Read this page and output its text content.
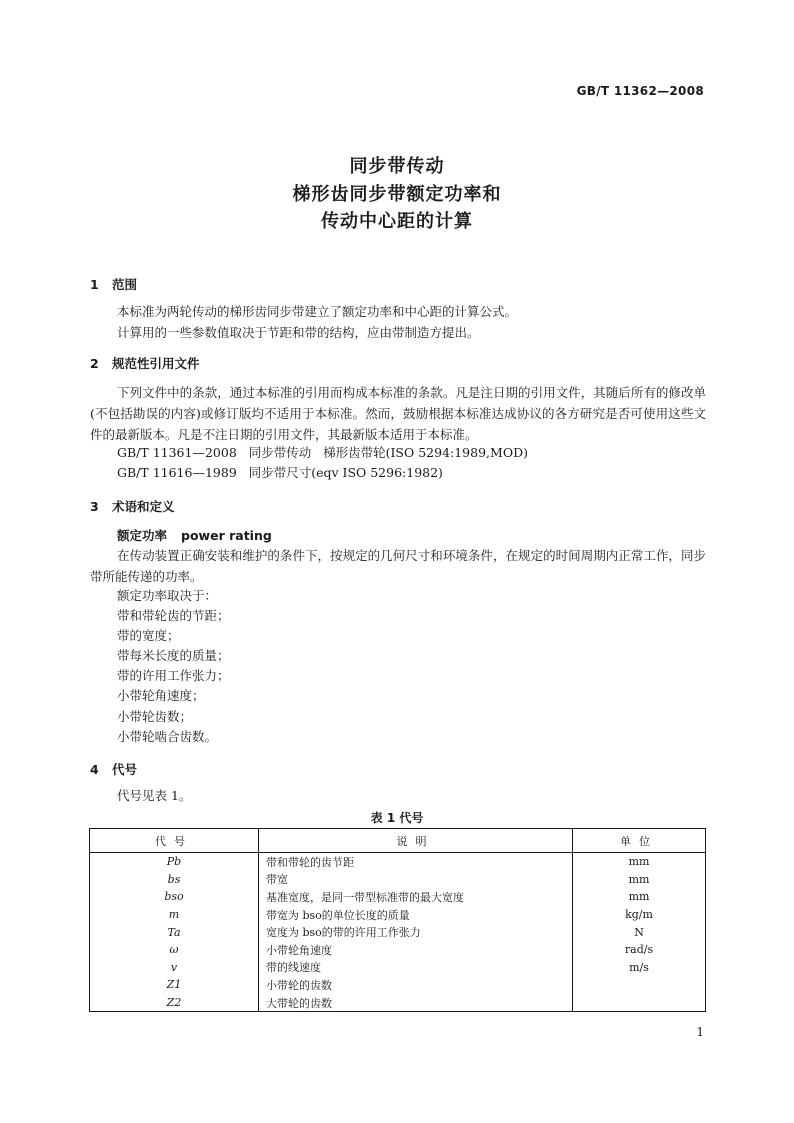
GB/T 11362—2008
同步带传动
梯形齿同步带额定功率和
传动中心距的计算
1 范围
本标准为两轮传动的梯形齿同步带建立了额定功率和中心距的计算公式。
计算用的一些参数值取决于节距和带的结构，应由带制造方提出。
2 规范性引用文件
下列文件中的条款，通过本标准的引用而构成本标准的条款。凡是注日期的引用文件，其随后所有的修改单(不包括勘误的内容)或修订版均不适用于本标准。然而，鼓励根据本标准达成协议的各方研究是否可使用这些文件的最新版本。凡是不注日期的引用文件，其最新版本适用于本标准。
GB/T 11361—2008   同步带传动   梯形齿带轮(ISO 5294:1989,MOD)
GB/T 11616—1989   同步带尺寸(eqv ISO 5296:1982)
3 术语和定义
额定功率 power rating
在传动装置正确安装和维护的条件下，按规定的几何尺寸和环境条件，在规定的时间周期内正常工作，同步带所能传递的功率。
额定功率取决于：
带和带轮齿的节距；
带的宽度；
带每米长度的质量；
带的许用工作张力；
小带轮角速度；
小带轮齿数；
小带轮啮合齿数。
4 代号
代号见表 1。
表 1 代号
代号	说明	单位
Pb	带和带轮的齿节距	mm
bs	带宽	mm
bso	基准宽度，是同一带型标准带的最大宽度	mm
m	带宽为 bso的单位长度的质量	kg/m
Ta	宽度为 bso的带的许用工作张力	N
ω	小带轮角速度	rad/s
v	带的线速度	m/s
Z1	小带轮的齿数	
Z2	大带轮的齿数	
1
